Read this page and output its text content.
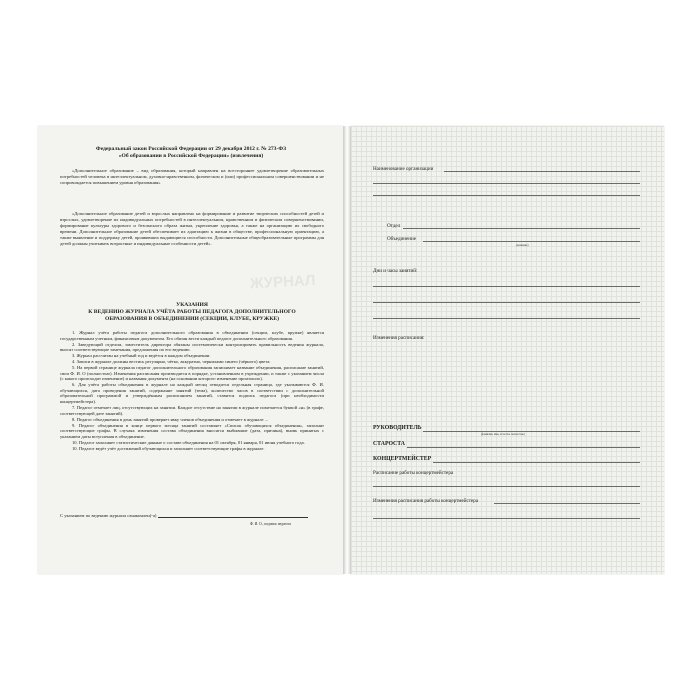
Федеральный закон Российской Федерации от 29 декабря 2012 г. № 273-ФЗ
«Об образовании в Российской Федерации» (извлечения)
«Дополнительное образование – вид образования, который направлен на всестороннее удовлетворение образовательных потребностей человека в интеллектуальном, духовно-нравственном, физическом и (или) профессиональном совершенствовании и не сопровождается повышением уровня образования»
«Дополнительное образование детей и взрослых направлено на формирование и развитие творческих способностей детей и взрослых, удовлетворение их индивидуальных потребностей в интеллектуальном, нравственном и физическом совершенствовании, формирование культуры здорового и безопасного образа жизни, укрепление здоровья, а также на организацию их свободного времени. Дополнительное образование детей обеспечивает их адаптацию к жизни в обществе, профессиональную ориентацию, а также выявление и поддержку детей, проявивших выдающиеся способности. Дополнительные общеобразовательные программы для детей должны учитывать возрастные и индивидуальные особенности детей».
ЖУРНАЛ
УКАЗАНИЯ
К ВЕДЕНИЮ ЖУРНАЛА УЧЁТА РАБОТЫ ПЕДАГОГА ДОПОЛНИТЕЛЬНОГО
ОБРАЗОВАНИЯ В ОБЪЕДИНЕНИИ (СЕКЦИИ, КЛУБЕ, КРУЖКЕ)
1. Журнал учёта работы педагога дополнительного образования в объединении (секции, клубе, кружке) является государственным учетным, финансовым документом. Его обязан вести каждый педагог дополнительного образования.
2. Заведующий отделом, заместитель директора обязаны систематически контролировать правильность ведения журнала, вносят соответствующие замечания, предложения по его ведению.
3. Журнал рассчитан на учебный год и ведётся в каждом объединении.
4. Записи в журнале должны вестись регулярно, чётко, аккуратно, чернилами синего (чёрного) цвета.
5. На первой странице журнала педагог дополнительного образования записывает название объединения, расписание занятий, свои Ф. И. О (полностью). Изменения расписания производятся в порядке, установленном в учреждении, и также с указанием числа (с какого происходит изменение) и названия документа (на основании которого изменение произошло).
6. Для учёта работы объединения в журнале на каждый месяц отводится отдельная страница, где указываются Ф. И. обучающихся, дата проведения занятий, содержание занятий (тема), количество часов в соответствии с дополнительной образовательной программой и утверждённым расписанием занятий, ставится подпись педагога (при необходимости концертмейстера).
7. Педагог отмечает лиц, отсутствующих на занятии. Каждое отсутствие на занятии в журнале помечается буквой «н» (в графе, соответствующей дате занятий).
8. Педагог объединения в день занятий проверяет явку членов объединения и отмечает в журнале ...
9. Педагог объединения в конце первого месяца занятий составляет «Список обучающихся объединения», заполнят соответствующие графы. В случаях изменения состава объединения вносятся выбывшие (дата, причина), вновь принятых с указанием даты вступления в объединение.
10. Педагог заполняет статистические данные о составе объединения на 01 октября, 01 января, 01 июня учебного года.
10. Педагог ведёт учёт достижений обучающихся и заполняет соответствующие графы в журнале.
С указанием по ведению журнала ознакомлен(-а)
Ф. И. О., подпись педагога
Наименование организации
Отдел
Объединение
(название)
Дни и часы занятий:
Изменения расписания:
РУКОВОДИТЕЛЬ
(фамилия, имя, отчество полностью)
СТАРОСТА
КОНЦЕРТМЕЙСТЕР
Расписание работы концертмейстера
Изменения расписания работы концертмейстера
